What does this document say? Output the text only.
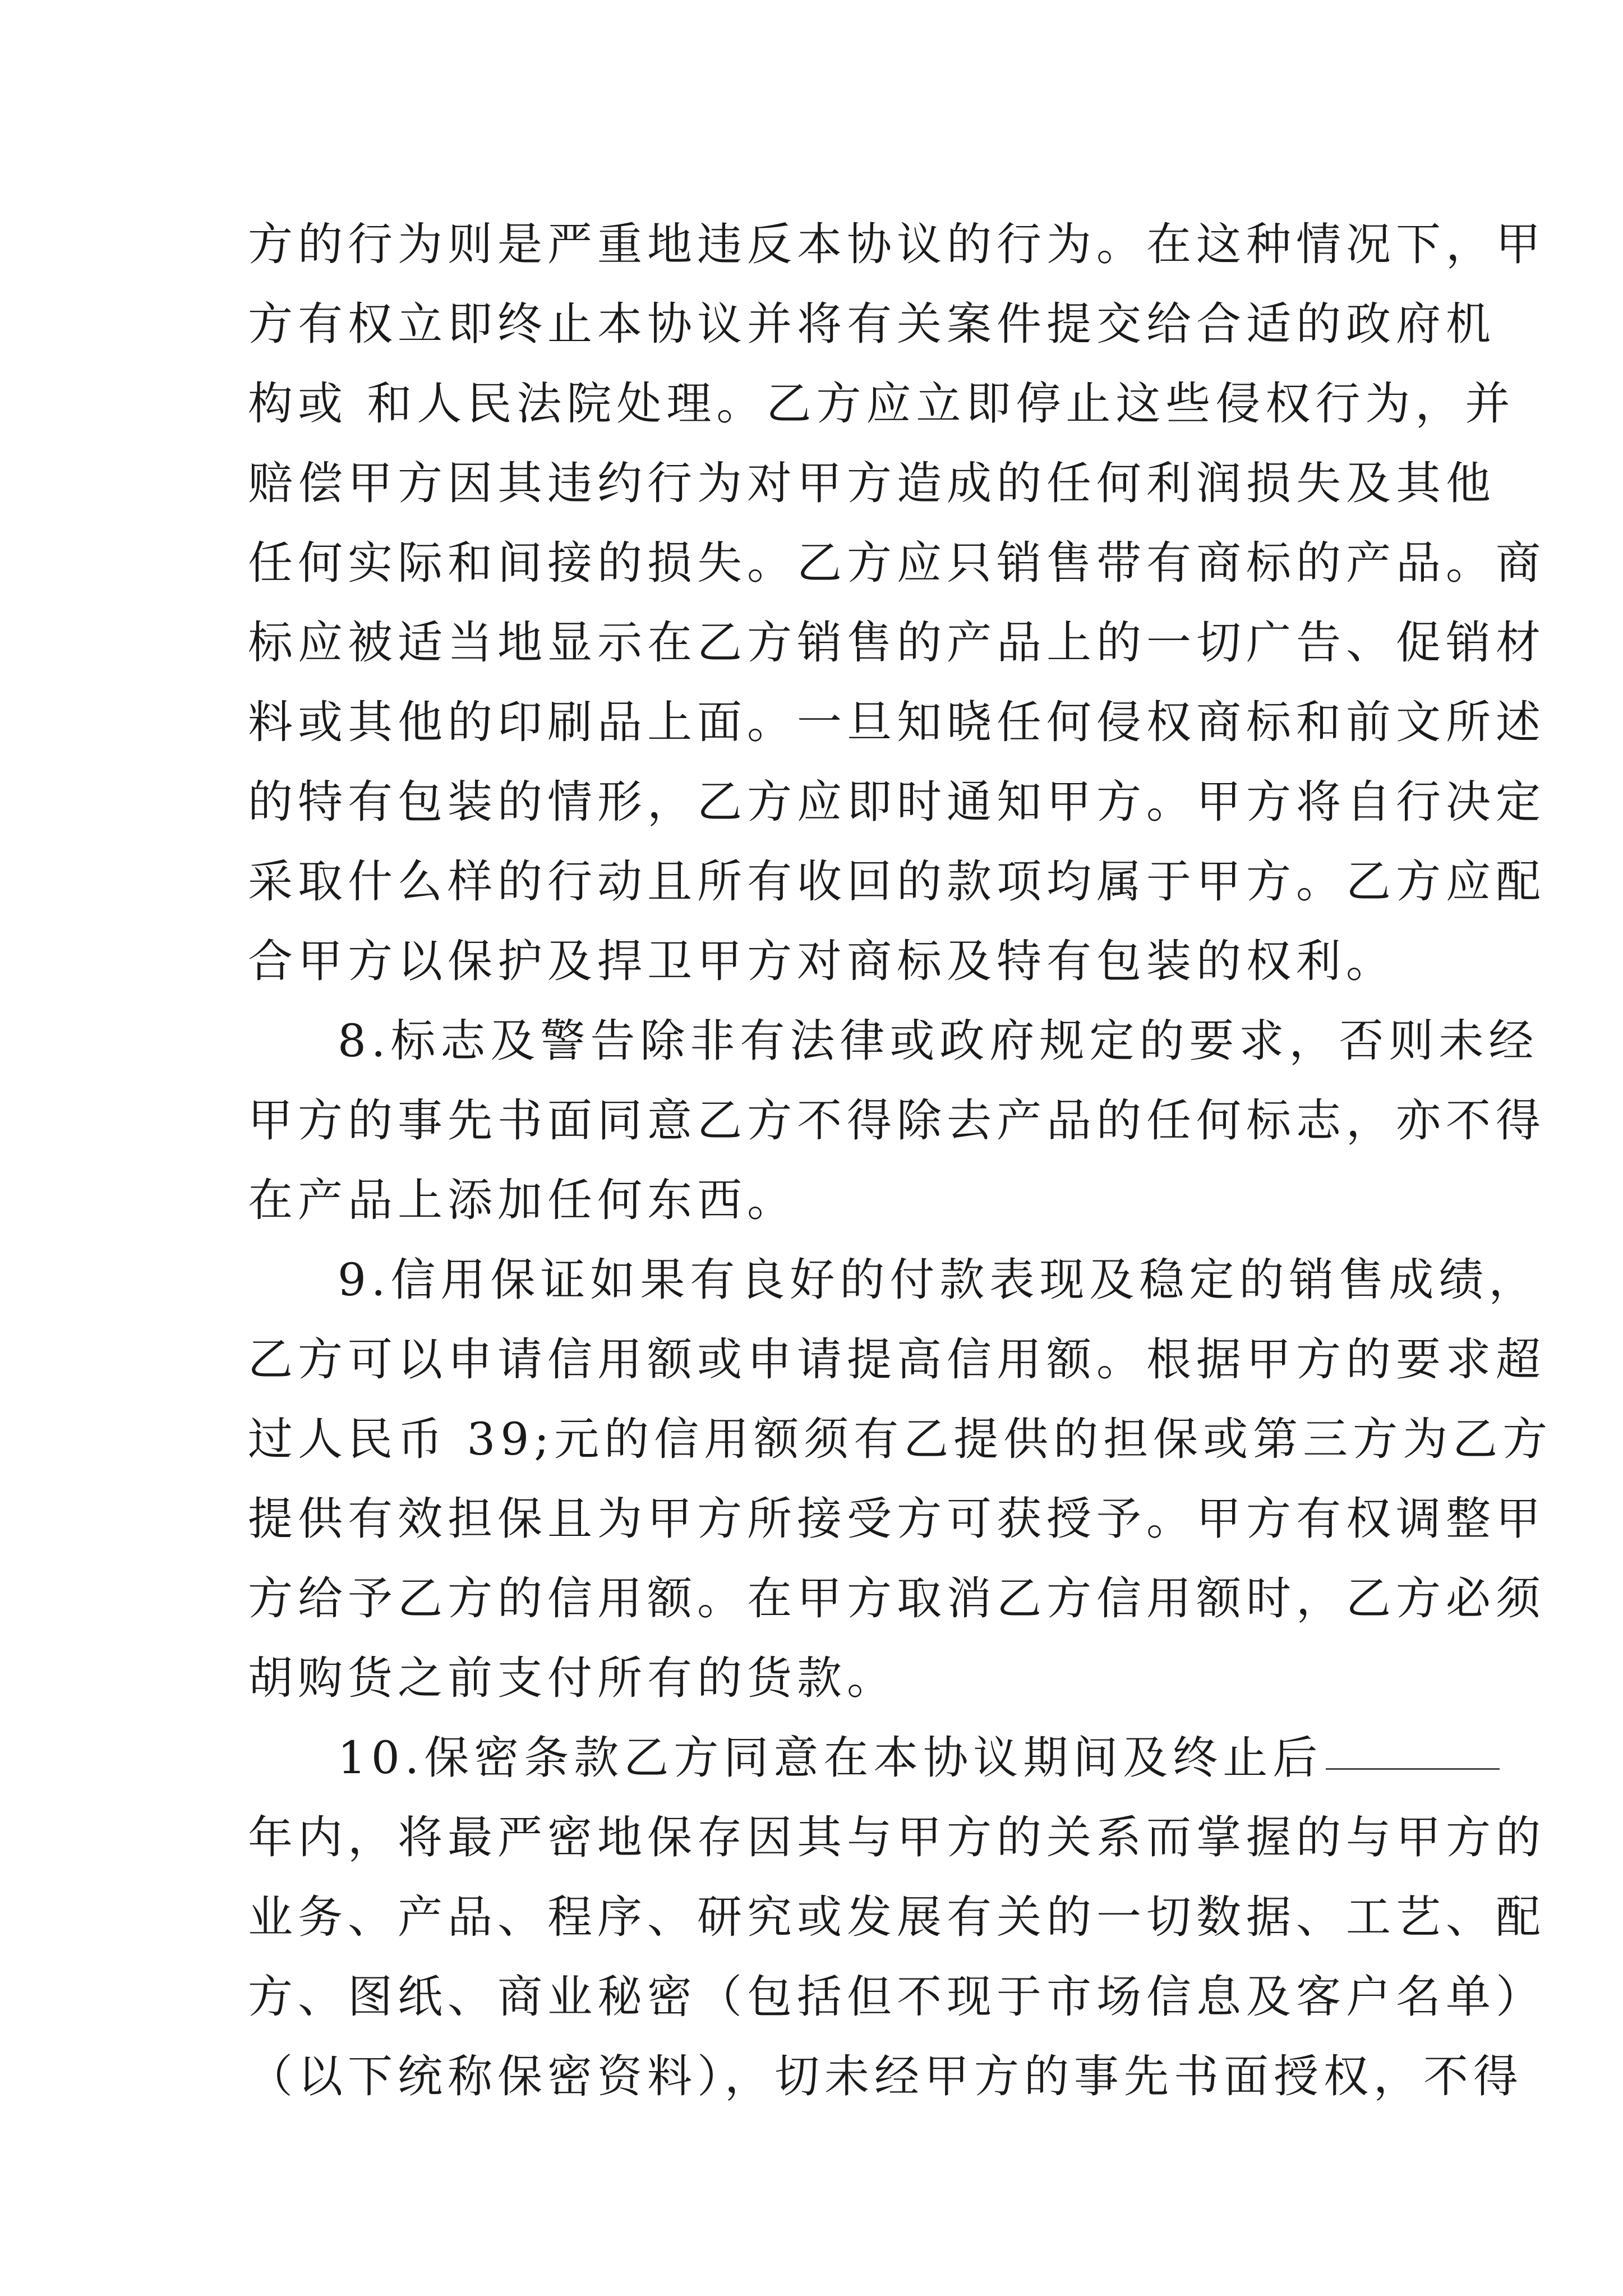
方的行为则是严重地违反本协议的行为。在这种情况下，甲
方有权立即终止本协议并将有关案件提交给合适的政府机
构或 和人民法院处理。乙方应立即停止这些侵权行为，并
赔偿甲方因其违约行为对甲方造成的任何利润损失及其他
任何实际和间接的损失。乙方应只销售带有商标的产品。商
标应被适当地显示在乙方销售的产品上的一切广告、促销材
料或其他的印刷品上面。一旦知晓任何侵权商标和前文所述
的特有包装的情形，乙方应即时通知甲方。甲方将自行决定
采取什么样的行动且所有收回的款项均属于甲方。乙方应配
合甲方以保护及捍卫甲方对商标及特有包装的权利。
8.标志及警告除非有法律或政府规定的要求，否则未经
甲方的事先书面同意乙方不得除去产品的任何标志，亦不得
在产品上添加任何东西。
9.信用保证如果有良好的付款表现及稳定的销售成绩，
乙方可以申请信用额或申请提高信用额。根据甲方的要求超
过人民币 39;元的信用额须有乙提供的担保或第三方为乙方
提供有效担保且为甲方所接受方可获授予。甲方有权调整甲
方给予乙方的信用额。在甲方取消乙方信用额时，乙方必须
胡购货之前支付所有的货款。
10.保密条款乙方同意在本协议期间及终止后
年内，将最严密地保存因其与甲方的关系而掌握的与甲方的
业务、产品、程序、研究或发展有关的一切数据、工艺、配
方、图纸、商业秘密（包括但不现于市场信息及客户名单）
（以下统称保密资料），切未经甲方的事先书面授权，不得
